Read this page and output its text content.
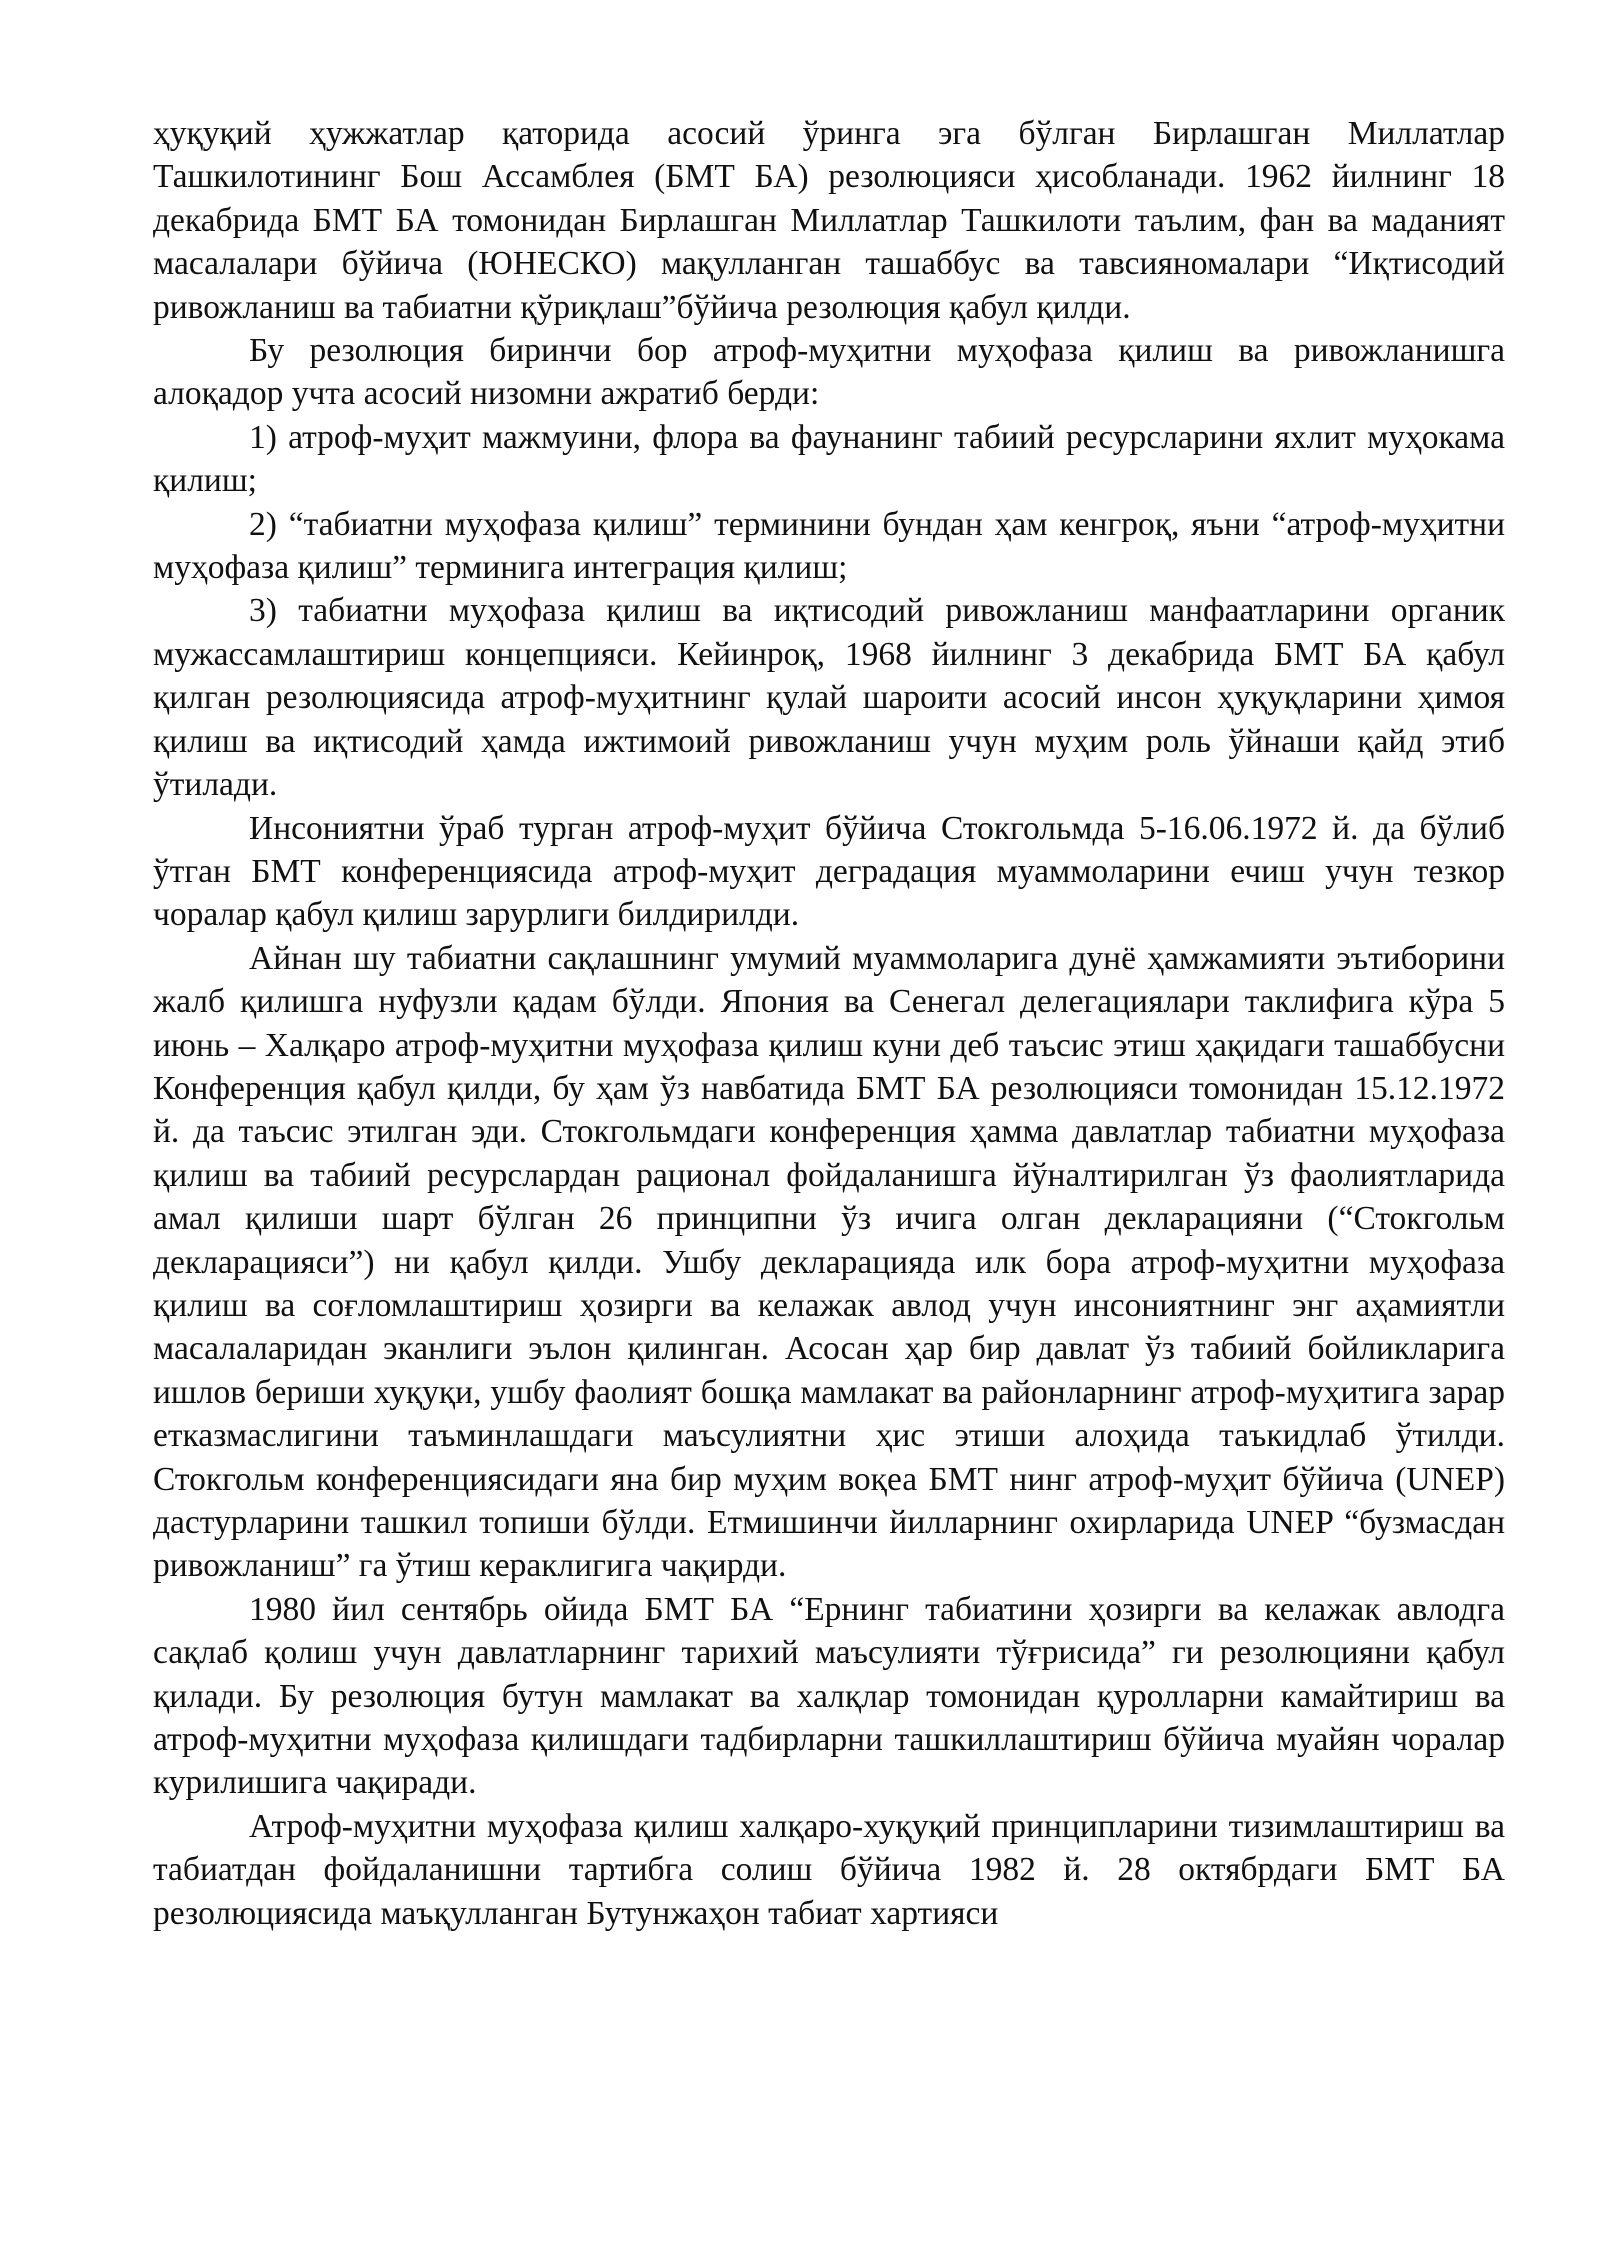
ҳуқуқий ҳужжатлар қаторида асосий ўринга эга бўлган Бирлашган Миллатлар Ташкилотининг Бош Ассамблея (БМТ БА) резолюцияси ҳисобланади. 1962 йилнинг 18 декабрида БМТ БА томонидан Бирлашган Миллатлар Ташкилоти таълим, фан ва маданият масалалари бўйича (ЮНЕСКО) мақулланган ташаббус ва тавсияномалари “Иқтисодий ривожланиш ва табиатни қўриқлаш”бўйича резолюция қабул қилди.

Бу резолюция биринчи бор атроф-муҳитни муҳофаза қилиш ва ривожланишга алоқадор учта асосий низомни ажратиб берди:

1) атроф-муҳит мажмуини, флора ва фаунанинг табиий ресурсларини яхлит муҳокама қилиш;

2) “табиатни муҳофаза қилиш” терминини бундан ҳам кенгроқ, яъни “атроф-муҳитни муҳофаза қилиш” терминига интеграция қилиш;

3) табиатни муҳофаза қилиш ва иқтисодий ривожланиш манфаатларини органик мужассамлаштириш концепцияси. Кейинроқ, 1968 йилнинг 3 декабрида БМТ БА қабул қилган резолюциясида атроф-муҳитнинг қулай шароити асосий инсон ҳуқуқларини ҳимоя қилиш ва иқтисодий ҳамда ижтимоий ривожланиш учун муҳим роль ўйнаши қайд этиб ўтилади.

Инсониятни ўраб турган атроф-муҳит бўйича Стокгольмда 5-16.06.1972 й. да бўлиб ўтган БМТ конференциясида атроф-муҳит деградация муаммоларини ечиш учун тезкор чоралар қабул қилиш зарурлиги билдирилди.

Айнан шу табиатни сақлашнинг умумий муаммоларига дунё ҳамжамияти эътиборини жалб қилишга нуфузли қадам бўлди. Япония ва Сенегал делегациялари таклифига кўра 5 июнь – Халқаро атроф-муҳитни муҳофаза қилиш куни деб таъсис этиш ҳақидаги ташаббусни Конференция қабул қилди, бу ҳам ўз навбатида БМТ БА резолюцияси томонидан 15.12.1972 й. да таъсис этилган эди. Стокгольмдаги конференция ҳамма давлатлар табиатни муҳофаза қилиш ва табиий ресурслардан рационал фойдаланишга йўналтирилган ўз фаолиятларида амал қилиши шарт бўлган 26 принципни ўз ичига олган декларацияни (“Стокгольм декларацияси”) ни қабул қилди. Ушбу декларацияда илк бора атроф-муҳитни муҳофаза қилиш ва соғломлаштириш ҳозирги ва келажак авлод учун инсониятнинг энг аҳамиятли масалаларидан эканлиги эълон қилинган. Асосан ҳар бир давлат ўз табиий бойликларига ишлов бериши хуқуқи, ушбу фаолият бошқа мамлакат ва районларнинг атроф-муҳитига зарар етказмаслигини таъминлашдаги маъсулиятни ҳис этиши алоҳида таъкидлаб ўтилди. Стокгольм конференциясидаги яна бир муҳим воқеа БМТ нинг атроф-муҳит бўйича (UNEP) дастурларини ташкил топиши бўлди. Етмишинчи йилларнинг охирларида UNEP “бузмасдан ривожланиш” га ўтиш кераклигига чақирди.

1980 йил сентябрь ойида БМТ БА “Ернинг табиатини ҳозирги ва келажак авлодга сақлаб қолиш учун давлатларнинг тарихий маъсулияти тўғрисида” ги резолюцияни қабул қилади. Бу резолюция бутун мамлакат ва халқлар томонидан қуролларни камайтириш ва атроф-муҳитни муҳофаза қилишдаги тадбирларни ташкиллаштириш бўйича муайян чоралар курилишига чақиради.

Атроф-муҳитни муҳофаза қилиш халқаро-хуқуқий принципларини тизимлаштириш ва табиатдан фойдаланишни тартибга солиш бўйича 1982 й. 28 октябрдаги БМТ БА резолюциясида маъқулланган Бутунжаҳон табиат хартияси
